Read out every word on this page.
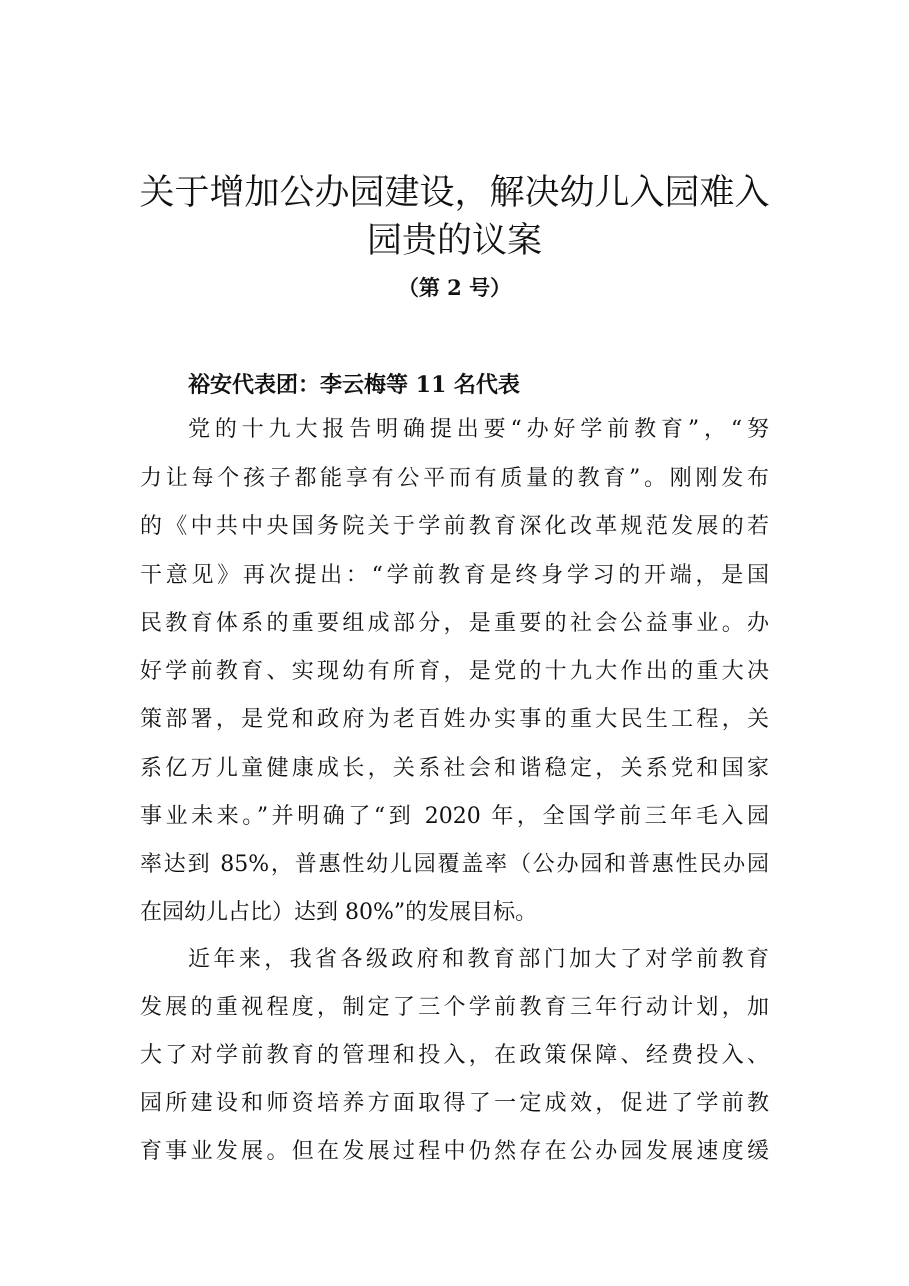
关于增加公办园建设，解决幼儿入园难入
园贵的议案

（第 2 号）

裕安代表团：李云梅等 11 名代表

党的十九大报告明确提出要“办好学前教育”，“努
力让每个孩子都能享有公平而有质量的教育”。刚刚发布
的《中共中央国务院关于学前教育深化改革规范发展的若
干意见》再次提出：“学前教育是终身学习的开端，是国
民教育体系的重要组成部分，是重要的社会公益事业。办
好学前教育、实现幼有所育，是党的十九大作出的重大决
策部署，是党和政府为老百姓办实事的重大民生工程，关
系亿万儿童健康成长，关系社会和谐稳定，关系党和国家
事业未来。”并明确了“到 2020 年，全国学前三年毛入园
率达到 85%，普惠性幼儿园覆盖率（公办园和普惠性民办园
在园幼儿占比）达到 80%”的发展目标。
近年来，我省各级政府和教育部门加大了对学前教育
发展的重视程度，制定了三个学前教育三年行动计划，加
大了对学前教育的管理和投入，在政策保障、经费投入、
园所建设和师资培养方面取得了一定成效，促进了学前教
育事业发展。但在发展过程中仍然存在公办园发展速度缓
